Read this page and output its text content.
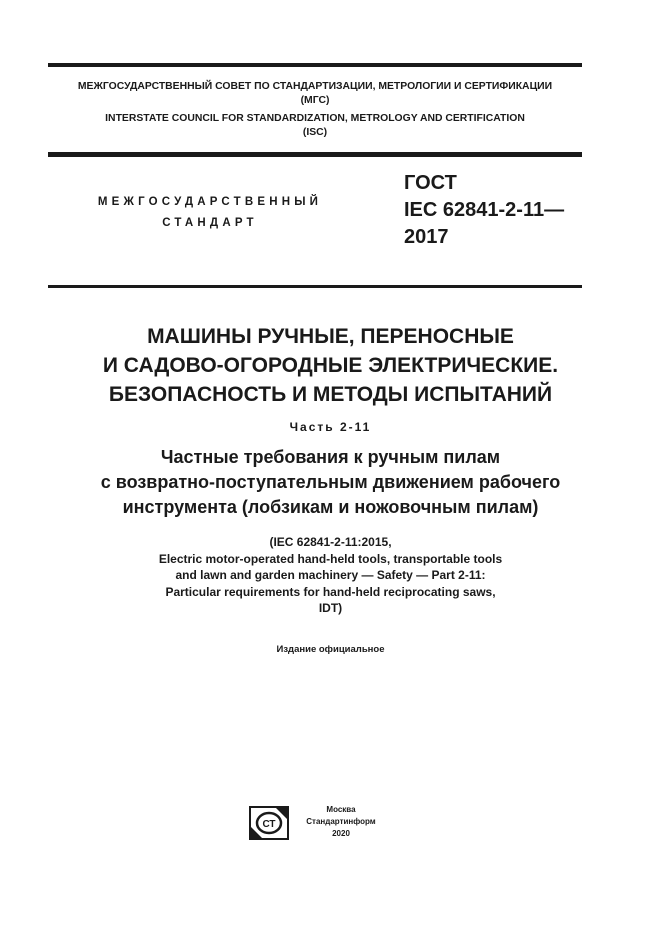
МЕЖГОСУДАРСТВЕННЫЙ СОВЕТ ПО СТАНДАРТИЗАЦИИ, МЕТРОЛОГИИ И СЕРТИФИКАЦИИ
(МГС)
INTERSTATE COUNCIL FOR STANDARDIZATION, METROLOGY AND CERTIFICATION
(ISC)
МЕЖГОСУДАРСТВЕННЫЙ
СТАНДАРТ
ГОСТ
IEC 62841-2-11—
2017
МАШИНЫ РУЧНЫЕ, ПЕРЕНОСНЫЕ
И САДОВО-ОГОРОДНЫЕ ЭЛЕКТРИЧЕСКИЕ.
БЕЗОПАСНОСТЬ И МЕТОДЫ ИСПЫТАНИЙ
Часть 2-11
Частные требования к ручным пилам
с возвратно-поступательным движением рабочего
инструмента (лобзикам и ножовочным пилам)
(IEC 62841-2-11:2015,
Electric motor-operated hand-held tools, transportable tools
and lawn and garden machinery — Safety — Part 2-11:
Particular requirements for hand-held reciprocating saws,
IDT)
Издание официальное
СТ
Москва
Стандартинформ
2020
